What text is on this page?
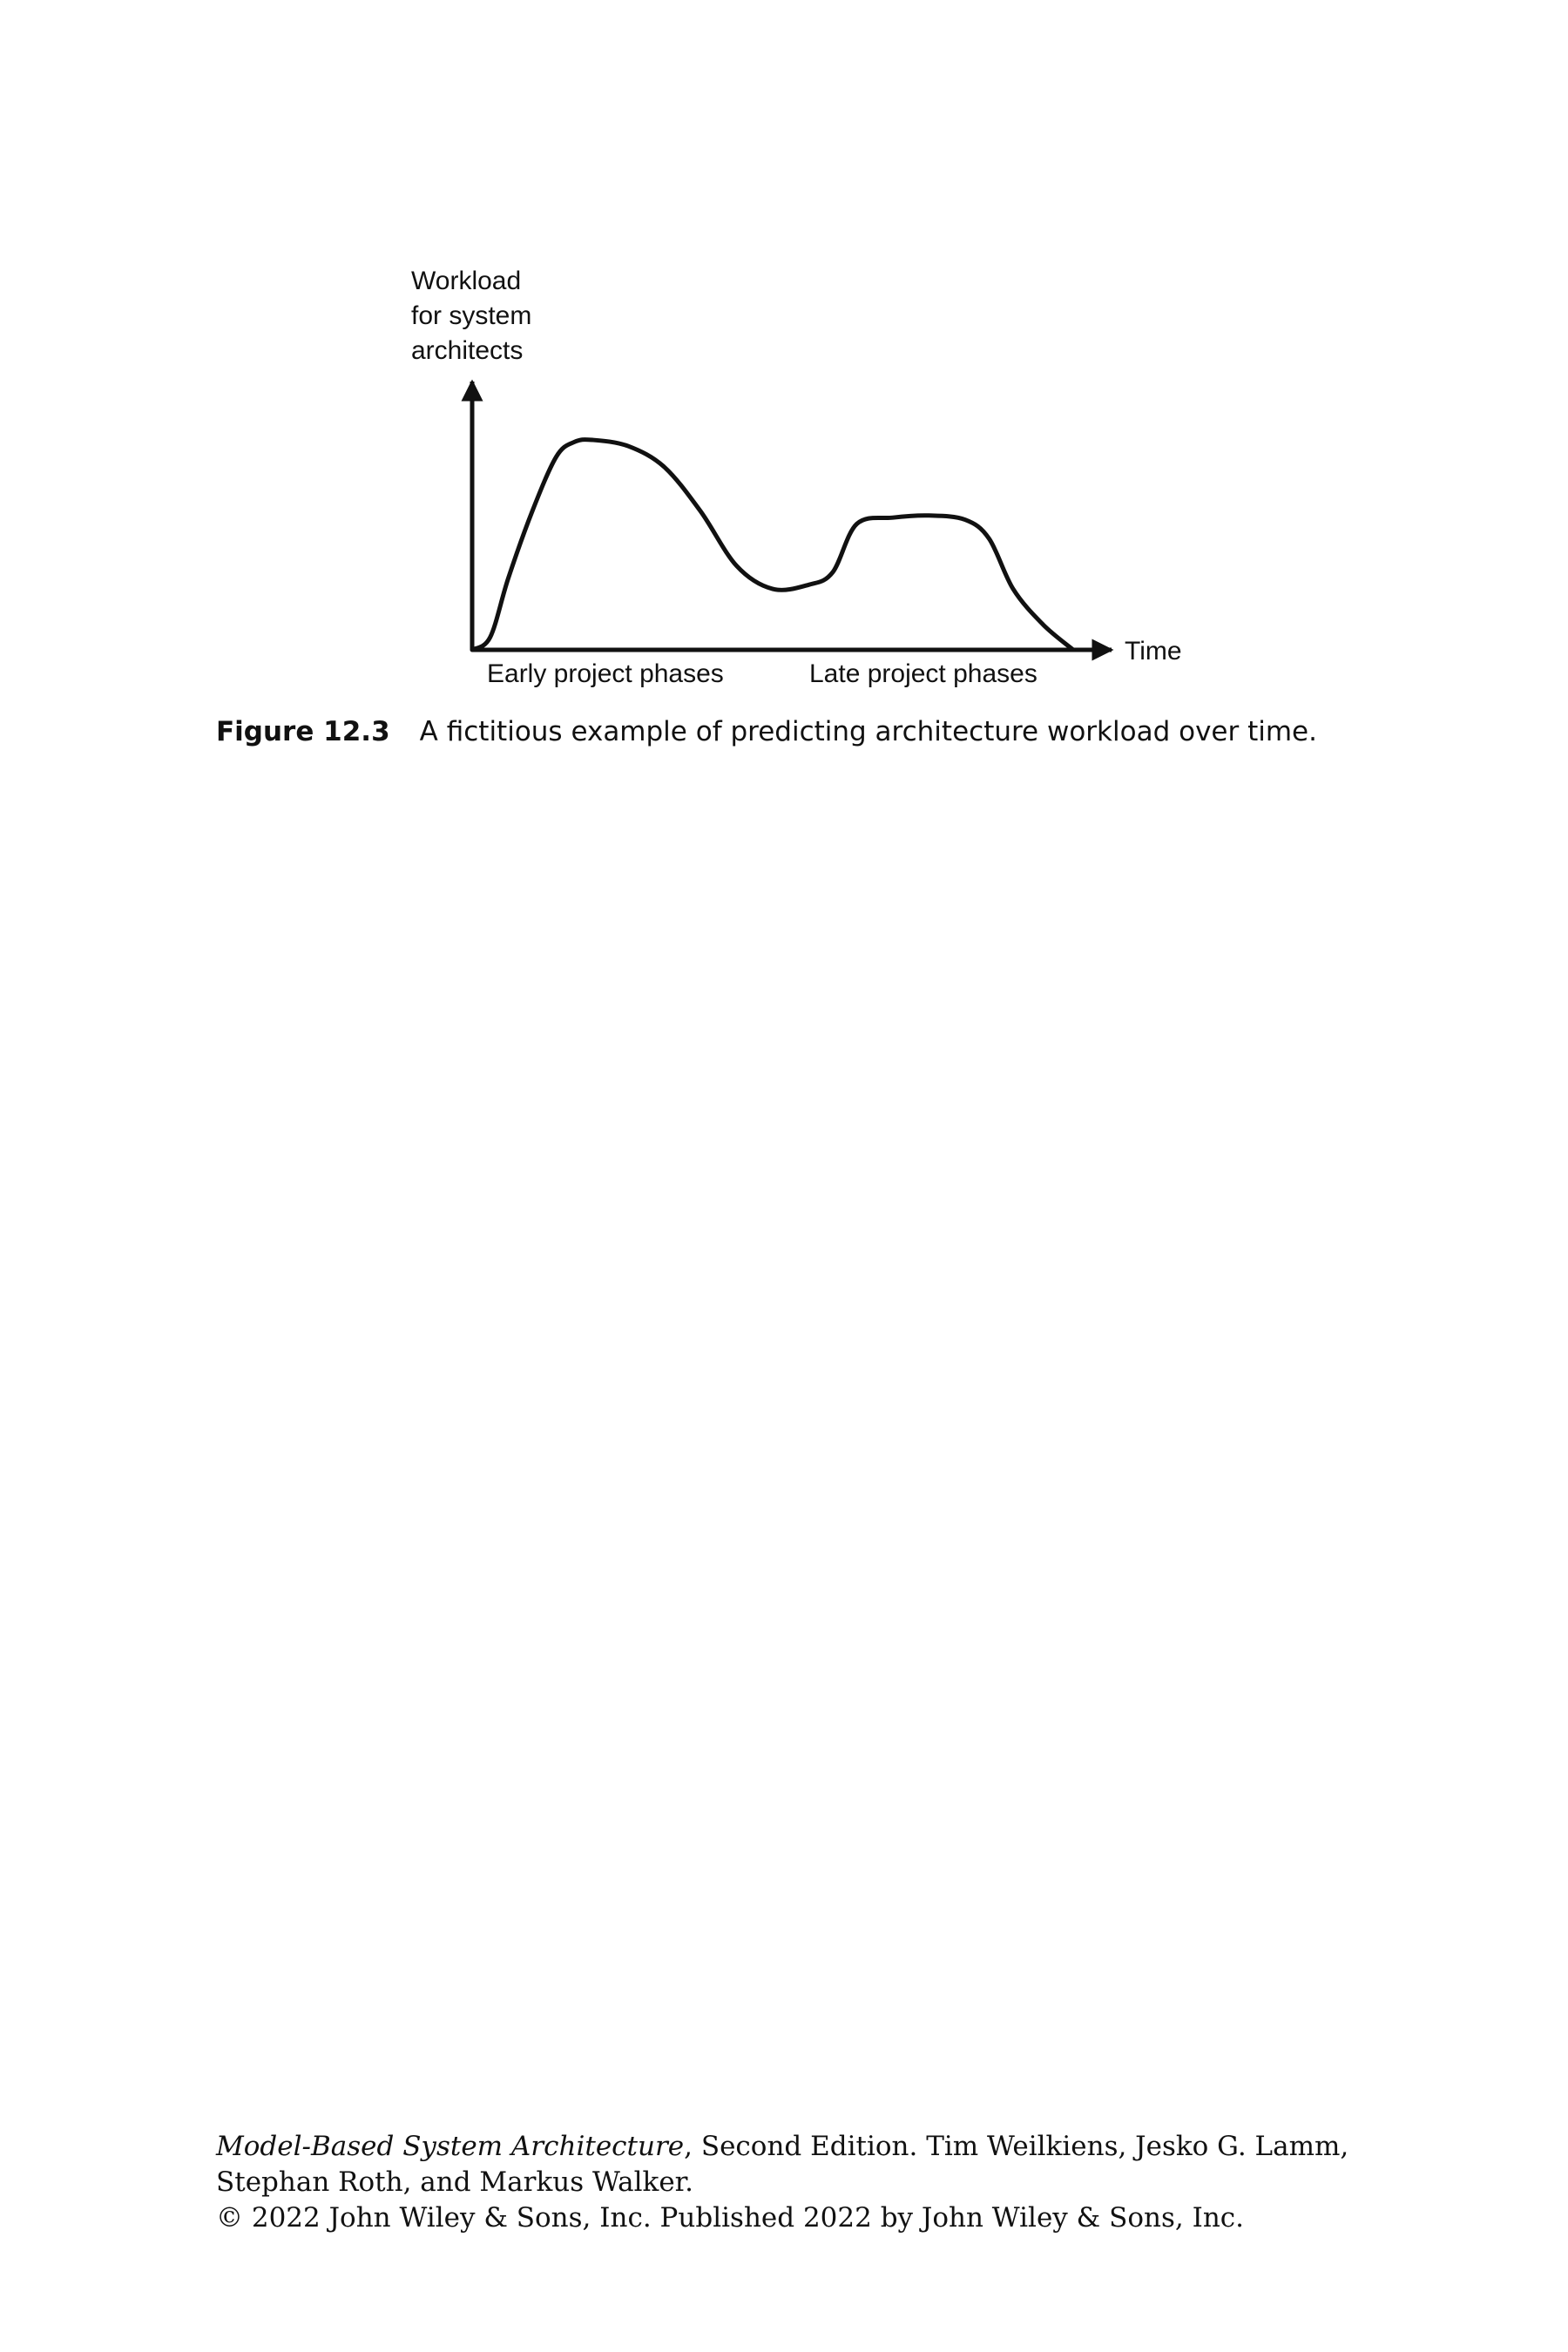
Workload
for system
architects
Time
Early project phases	Late project phases
Figure 12.3 A fictitious example of predicting architecture workload over time.
Model-Based System Architecture, Second Edition. Tim Weilkiens, Jesko G. Lamm,
Stephan Roth, and Markus Walker.
© 2022 John Wiley & Sons, Inc. Published 2022 by John Wiley & Sons, Inc.
